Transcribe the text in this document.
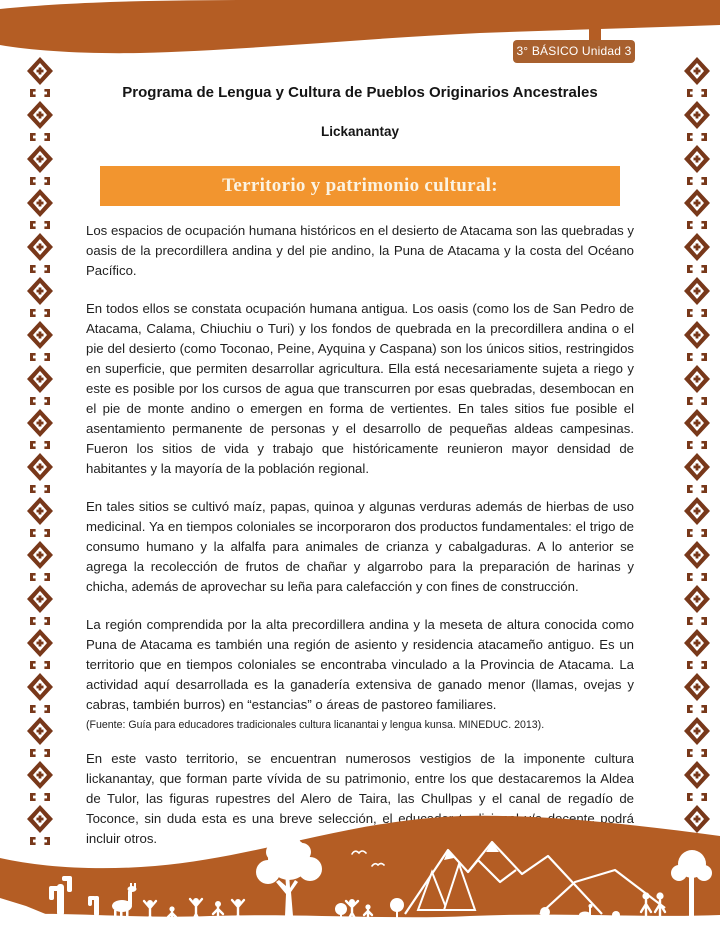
3° BÁSICO Unidad 3
Programa de Lengua y Cultura de Pueblos Originarios Ancestrales
Lickanantay
Territorio y patrimonio cultural:

Los espacios de ocupación humana históricos en el desierto de Atacama son las quebradas y oasis de la precordillera andina y del pie andino, la Puna de Atacama y la costa del Océano Pacífico.

En todos ellos se constata ocupación humana antigua. Los oasis (como los de San Pedro de Atacama, Calama, Chiuchiu o Turi) y los fondos de quebrada en la precordillera andina o el pie del desierto (como Toconao, Peine, Ayquina y Caspana) son los únicos sitios, restringidos en superficie, que permiten desarrollar agricultura. Ella está necesariamente sujeta a riego y este es posible por los cursos de agua que transcurren por esas quebradas, desembocan en el pie de monte andino o emergen en forma de vertientes. En tales sitios fue posible el asentamiento permanente de personas y el desarrollo de pequeñas aldeas campesinas. Fueron los sitios de vida y trabajo que históricamente reunieron mayor densidad de habitantes y la mayoría de la población regional.

En tales sitios se cultivó maíz, papas, quinoa y algunas verduras además de hierbas de uso medicinal. Ya en tiempos coloniales se incorporaron dos productos fundamentales: el trigo de consumo humano y la alfalfa para animales de crianza y cabalgaduras. A lo anterior se agrega la recolección de frutos de chañar y algarrobo para la preparación de harinas y chicha, además de aprovechar su leña para calefacción y con fines de construcción.

La región comprendida por la alta precordillera andina y la meseta de altura conocida como Puna de Atacama es también una región de asiento y residencia atacameño antiguo. Es un territorio que en tiempos coloniales se encontraba vinculado a la Provincia de Atacama. La actividad aquí desarrollada es la ganadería extensiva de ganado menor (llamas, ovejas y cabras, también burros) en “estancias” o áreas de pastoreo familiares.

(Fuente: Guía para educadores tradicionales cultura licanantai y lengua kunsa. MINEDUC. 2013).

En este vasto territorio, se encuentran numerosos vestigios de la imponente cultura lickanantay, que forman parte vívida de su patrimonio, entre los que destacaremos la Aldea de Tulor, las figuras rupestres del Alero de Taira, las Chullpas y el canal de regadío de Toconce, sin duda esta es una breve selección, el educador tradicional y/o docente podrá incluir otros.
